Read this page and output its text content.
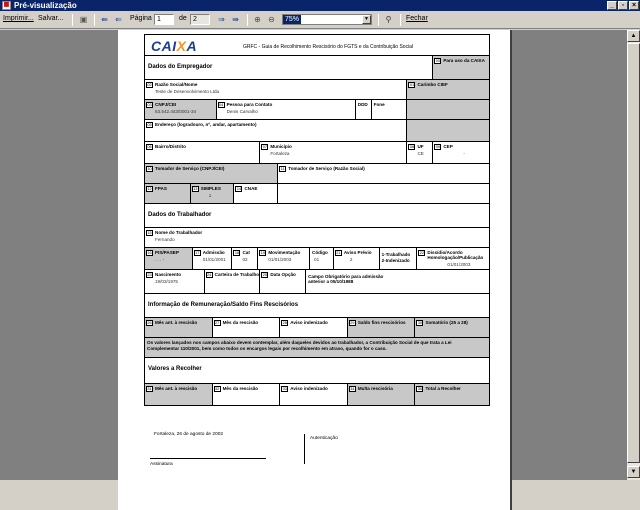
▦ Pré-visualização	_	▫	×
Imprimir... Salvar... ▣ ⇚ ⇐	Página 1	de 2	⇒ ⇛ ⊕ ⊖	75%	▼	⚲	Fechar
CAIXA	GRFC - Guia de Recolhimento Rescisório do FGTS e da Contribuição Social
Dados do Empregador
00 Para uso da CAIXA
02 Razão Social/Nome
Teste de Desenvolvimento Ltda
01 Carimbo CIEF
03 CNPJ/CEI
63.542.443/0001-34
04 Pessoa para Contato
Denis Carvalho
DDD Fone
05 Endereço (logradouro, nº, andar, apartamento)
06 Bairro/Distrito	07 Município
Fortaleza
08 UF
CE
09 CEP
-
10 Tomador de Serviço (CNPJ/CEI)	11 Tomador de Serviço (Razão Social)
12 FPAS	13 SIMPLES
1
14 CNAE
Dados do Trabalhador
15 Nome do Trabalhador
Fernando
16 PIS/PASEP
. . . -
17 Admissão
01/01/2001
18 Cat
02
19 Movimentação
01/01/2003
Código
01
21 Aviso Prévio
2
1-Trabalhado
2-Indenizado
22 Dissídio/Acordo Homologação/Publicação
01/01/2003
23 Nascimento
19/03/1975
24 Carteira de Trabalho 25 Data Opção	Campo Obrigatório para admissão anterior a 05/10/1988
Informação de Remuneração/Saldo Fins Rescisórios
26 Mês ant. à rescisão	27 Mês da rescisão	28 Aviso indenizado	29 Saldo fins rescisórios	30 Somatório (25 a 28)
Os valores lançados nos campos abaixo devem contemplar, além daqueles devidos ao trabalhador, a Contribuição Social de que trata a Lei Complementar 110/2001, bem como todos os encargos legais por recolhimento em atraso, quando for o caso.
Valores a Recolher
31 Mês ant. à rescisão	32 Mês da rescisão	33 Aviso indenizado	34 Multa rescisória	35 Total a Recolher
Fortaleza, 26 de agosto de 2002
Autenticação
Assinatura
▲
▼
